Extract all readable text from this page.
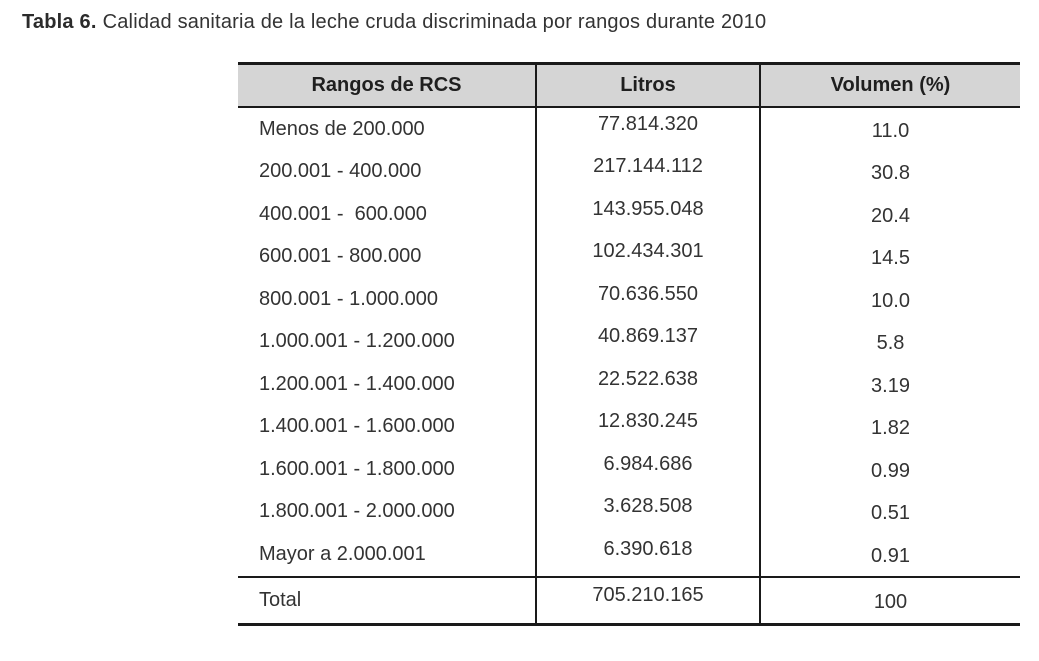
Tabla 6. Calidad sanitaria de la leche cruda discriminada por rangos durante 2010
Rangos de RCS	Litros	Volumen (%)
Menos de 200.000	77.814.320	11.0
200.001 - 400.000	217.144.112	30.8
400.001 -  600.000	143.955.048	20.4
600.001 - 800.000	102.434.301	14.5
800.001 - 1.000.000	70.636.550	10.0
1.000.001 - 1.200.000	40.869.137	5.8
1.200.001 - 1.400.000	22.522.638	3.19
1.400.001 - 1.600.000	12.830.245	1.82
1.600.001 - 1.800.000	6.984.686	0.99
1.800.001 - 2.000.000	3.628.508	0.51
Mayor a 2.000.001	6.390.618	0.91
Total	705.210.165	100
